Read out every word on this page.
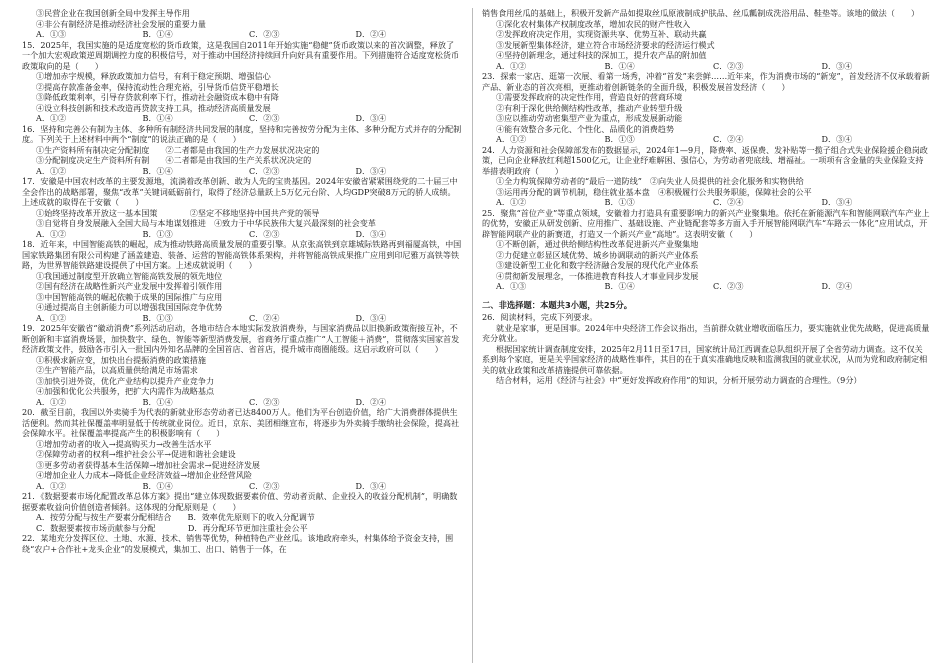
③民营企业在我国创新全局中发挥主导作用

④非公有制经济是推动经济社会发展的重要力量

A．①③	B．①④	C．②③	D．②④

15．2025年，我国实施的是适度宽松的货币政策，这是我国自2011年开始实施“稳健”货币政策以来的首次调整，释放了一个加大宏观政策逆周期调控力度的积极信号，对于推动中国经济持续回升向好具有重要作用。下列措施符合适度宽松货币政策取向的是（　　）

①增加赤字规模，释放政策加力信号，有利于稳定预期、增强信心

②提高存款准备金率，保持流动性合理充裕，引导货币信贷平稳增长

③降低政策利率，引导存贷款利率下行，推动社会融资成本稳中有降

④设立科技创新和技术改造再贷款支持工具，推动经济高质量发展

A．①②	B．①④	C．②③	D．③④

16．坚持和完善公有制为主体、多种所有制经济共同发展的制度，坚持和完善按劳分配为主体、多种分配方式并存的分配制度。下列关于上述材料中两个“制度”的说法正确的是（　　）

①生产资料所有制决定分配制度　　②二者都是由我国的生产力发展状况决定的

③分配制度决定生产资料所有制　　④二者都是由我国的生产关系状况决定的

A．①②	B．①④	C．②③	D．③④

17．安徽是中国农村改革的主要发源地，流淌着改革创新、敢为人先的宝贵基因。2024年安徽省紧紧围绕党的二十届三中全会作出的战略部署，聚焦“改革”关键词砥砺前行，取得了经济总量跃上5万亿元台阶、人均GDP突破8万元的骄人成绩。上述成就的取得在于安徽（　　）

①始终坚持改革开放这一基本国策　　　　②坚定不移地坚持中国共产党的领导

③自觉将自身发展融入全国大局与本地谋划推进　④致力于中华民族伟大复兴最深刻的社会变革

A．①②	B．①③	C．②③	D．③④

18．近年来，中国智能高铁的崛起，成为推动铁路高质量发展的重要引擎。从京张高铁到京雄城际铁路再到福厦高铁，中国国家铁路集团有限公司构建了涵盖建造、装备、运营的智能高铁体系架构，并将智能高铁成果推广应用到印尼雅万高铁等铁路，为世界智能铁路建设提供了中国方案。上述成就说明（　　）

①我国通过制度型开放确立智能高铁发展的领先地位

②国有经济在战略性新兴产业发展中发挥着引领作用

③中国智能高铁的崛起依赖于成果的国际推广与应用

④通过提高自主创新能力可以增强我国国际竞争优势

A．①②	B．①③	C．②④	D．③④

19．2025年安徽省“徽动消费”系列活动启动，各地市结合本地实际发放消费券，与国家消费品以旧换新政策衔接互补，不断创新和丰富消费场景，加快数字、绿色、智能等新型消费发展，省商务厅重点推广“人工智能＋消费”，贯彻落实国家首发经济政策文件，鼓励各市引入一批国内外知名品牌的全国首店、省首店，提升城市商圈能级。这启示政府可以（　　）

①积极求新应变，加快出台提振消费的政策措施

②生产智能产品，以高质量供给满足市场需求

③加快引进外资，优化产业结构以提升产业竞争力

④加强和优化公共服务，把扩大内需作为战略基点

A．①②	B．①④	C．②③	D．②④

20．截至目前，我国以外卖骑手为代表的新就业形态劳动者已达8400万人。他们为平台创造价值，给广大消费群体提供生活便利。然而其社保覆盖率明显低于传统就业岗位。近日，京东、美团相继宣布，将逐步为外卖骑手缴纳社会保险，提高社会保障水平。社保覆盖率提高产生的积极影响有（　　）

①增加劳动者的收入→提高购买力→改善生活水平

②保障劳动者的权利→维护社会公平→促进和谐社会建设

③更多劳动者获得基本生活保障→增加社会需求→促进经济发展

④增加企业人力成本→降低企业经济效益→增加企业经营风险

A．①②	B．①④	C．②③	D．③④

21．《数据要素市场化配置改革总体方案》提出“建立体现数据要素价值、劳动者贡献、企业投入的收益分配机制”，明确数据要素收益向价值创造者倾斜。这体现的分配原则是（　　）

A．按劳分配与按生产要素分配相结合　　B．效率优先原则下的收入分配调节

C．数据要素按市场贡献参与分配　　　　D．再分配环节更加注重社会公平

22．某地充分发挥区位、土地、水源、技术、销售等优势，种植特色产业丝瓜。该地政府牵头，村集体给予资金支持，围绕“农户+合作社+龙头企业”的发展模式，集加工、出口、销售于一体，在

销售食用丝瓜的基础上，积极开发新产品如提取丝瓜原液制成护肤品、丝瓜瓤制成洗浴用品、鞋垫等。该地的做法（　　）

①深化农村集体产权制度改革，增加农民的财产性收入

②发挥政府决定作用，实现资源共享、优势互补、联动共赢

③发展新型集体经济，建立符合市场经济要求的经济运行模式

④坚持创新理念，通过科技的深加工，提升农产品的附加值

A．①②	B．①④	C．②③	D．③④

23．探索一家店、逛第一次展、看第一场秀，冲着“首发”来尝鲜……近年来，作为消费市场的“新宠”，首发经济不仅承载着新产品、新业态的首次亮相，更推动着创新链条的全面升级，积极发展首发经济（　　）

①需要发挥政府的决定性作用，营造良好的营商环境

②有利于深化供给侧结构性改革，推动产业转型升级

③应以推动劳动密集型产业为重点，形成发展新动能

④能有效整合多元化、个性化、品质化的消费趋势

A．①②	B．①③	C．②④	D．③④

24．人力资源和社会保障部发布的数据显示，2024年1—9月，降费率、返保费、发补贴等一揽子组合式失业保险援企稳岗政策，已向企业释放红利超1500亿元，让企业纾难解困、强信心，为劳动者兜底线、增福祉。一项项有含金量的失业保险支持举措表明政府（　　）

①全力构筑保障劳动者的“最后一道防线”　②向失业人员提供的社会化服务和实物供给

③运用再分配的调节机制，稳住就业基本盘　④积极履行公共服务职能，保障社会的公平

A．①②	B．①③	C．②④	D．③④

25．聚焦“首位产业”等重点领域，安徽着力打造具有重要影响力的新兴产业聚集地。依托在新能源汽车和智能网联汽车产业上的优势，安徽正从研发创新、应用推广、基础设施、产业链配套等多方面入手开展智能网联汽车“车路云一体化”应用试点，开辟智能网联产业的新赛道，打造又一个新兴产业“高地”。这表明安徽（　　）

①不断创新，通过供给侧结构性改革促进新兴产业聚集地

②力促建立彰显区域优势、城乡协调联动的新兴产业体系

③建设新型工业化和数字经济融合发展的现代化产业体系

④贯彻新发展理念，一体推进教育科技人才事业同步发展

A．①③	B．①④	C．②③	D．②④

二、非选择题：本题共3小题，共25分。

26．阅读材料，完成下列要求。

就业是家事，更是国事。2024年中央经济工作会议指出，当前群众就业增收面临压力，要实施就业优先战略，促进高质量充分就业。

根据国家统计调查制度安排，2025年2月11日至17日，国家统计局江西调查总队组织开展了全省劳动力调查。这不仅关系到每个家庭，更是关乎国家经济的战略性事件，其目的在于真实准确地反映和监测我国的就业状况，从而为党和政府制定相关的就业政策和改革措施提供可靠依据。

结合材料，运用《经济与社会》中“更好发挥政府作用”的知识，分析开展劳动力调查的合理性。（9分）
